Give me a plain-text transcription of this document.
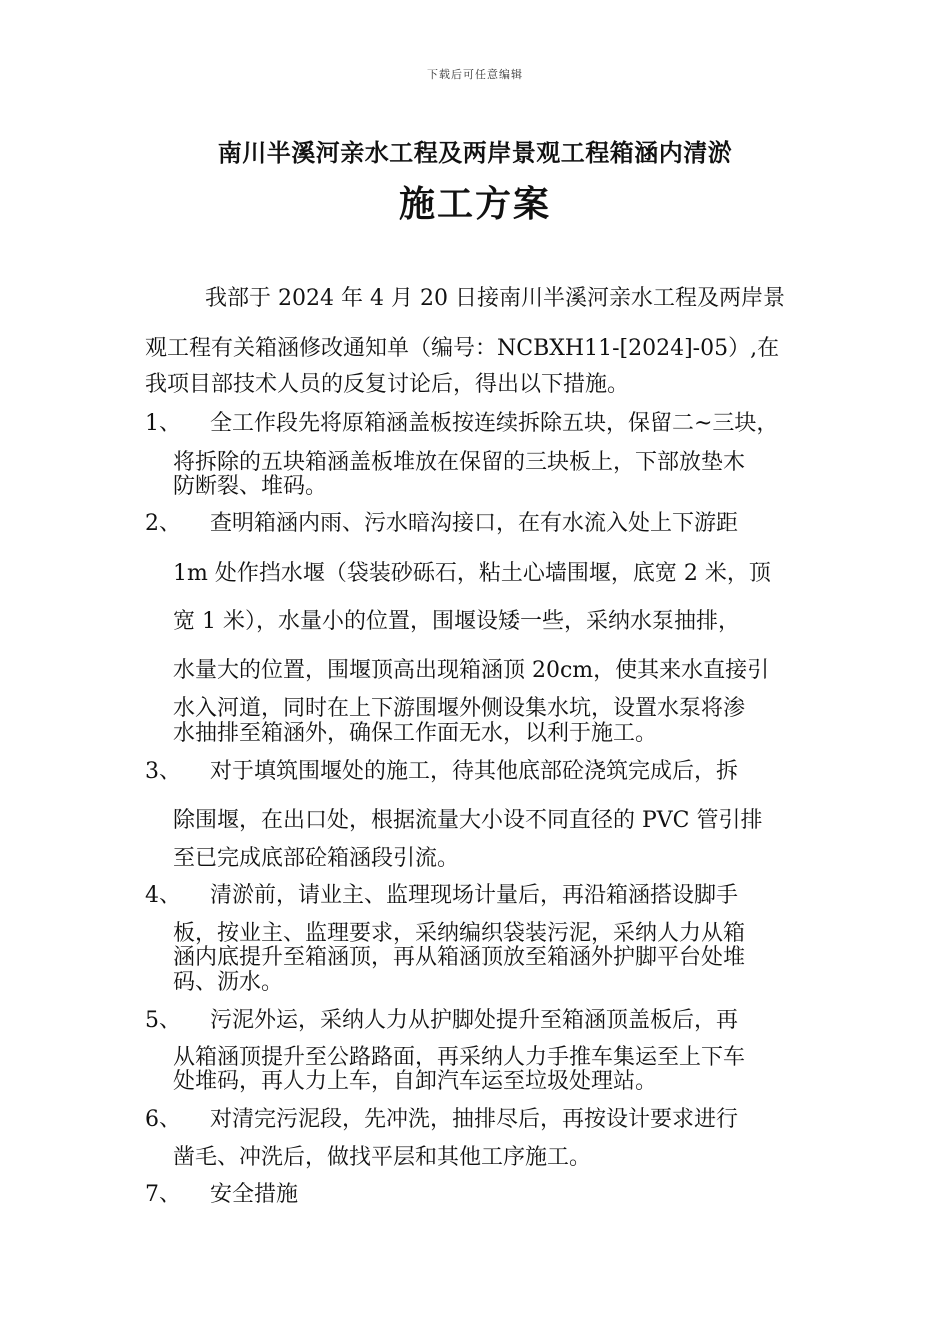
下载后可任意编辑
南川半溪河亲水工程及两岸景观工程箱涵内清淤
施工方案
我部于 2024 年 4 月 20 日接南川半溪河亲水工程及两岸景
观工程有关箱涵修改通知单（编号：NCBXH11-[2024]-05）,在
我项目部技术人员的反复讨论后，得出以下措施。
1、 全工作段先将原箱涵盖板按连续拆除五块，保留二~三块，
将拆除的五块箱涵盖板堆放在保留的三块板上，下部放垫木
防断裂、堆码。
2、 查明箱涵内雨、污水暗沟接口，在有水流入处上下游距
1m 处作挡水堰（袋装砂砾石，粘土心墙围堰，底宽 2 米，顶
宽 1 米），水量小的位置，围堰设矮一些，采纳水泵抽排，
水量大的位置，围堰顶高出现箱涵顶 20cm，使其来水直接引
水入河道，同时在上下游围堰外侧设集水坑，设置水泵将渗
水抽排至箱涵外，确保工作面无水，以利于施工。
3、 对于填筑围堰处的施工，待其他底部砼浇筑完成后，拆
除围堰，在出口处，根据流量大小设不同直径的 PVC 管引排
至已完成底部砼箱涵段引流。
4、 清淤前，请业主、监理现场计量后，再沿箱涵搭设脚手
板，按业主、监理要求，采纳编织袋装污泥，采纳人力从箱
涵内底提升至箱涵顶，再从箱涵顶放至箱涵外护脚平台处堆
码、沥水。
5、 污泥外运，采纳人力从护脚处提升至箱涵顶盖板后，再
从箱涵顶提升至公路路面，再采纳人力手推车集运至上下车
处堆码，再人力上车，自卸汽车运至垃圾处理站。
6、 对清完污泥段，先冲洗，抽排尽后，再按设计要求进行
凿毛、冲洗后，做找平层和其他工序施工。
7、 安全措施
